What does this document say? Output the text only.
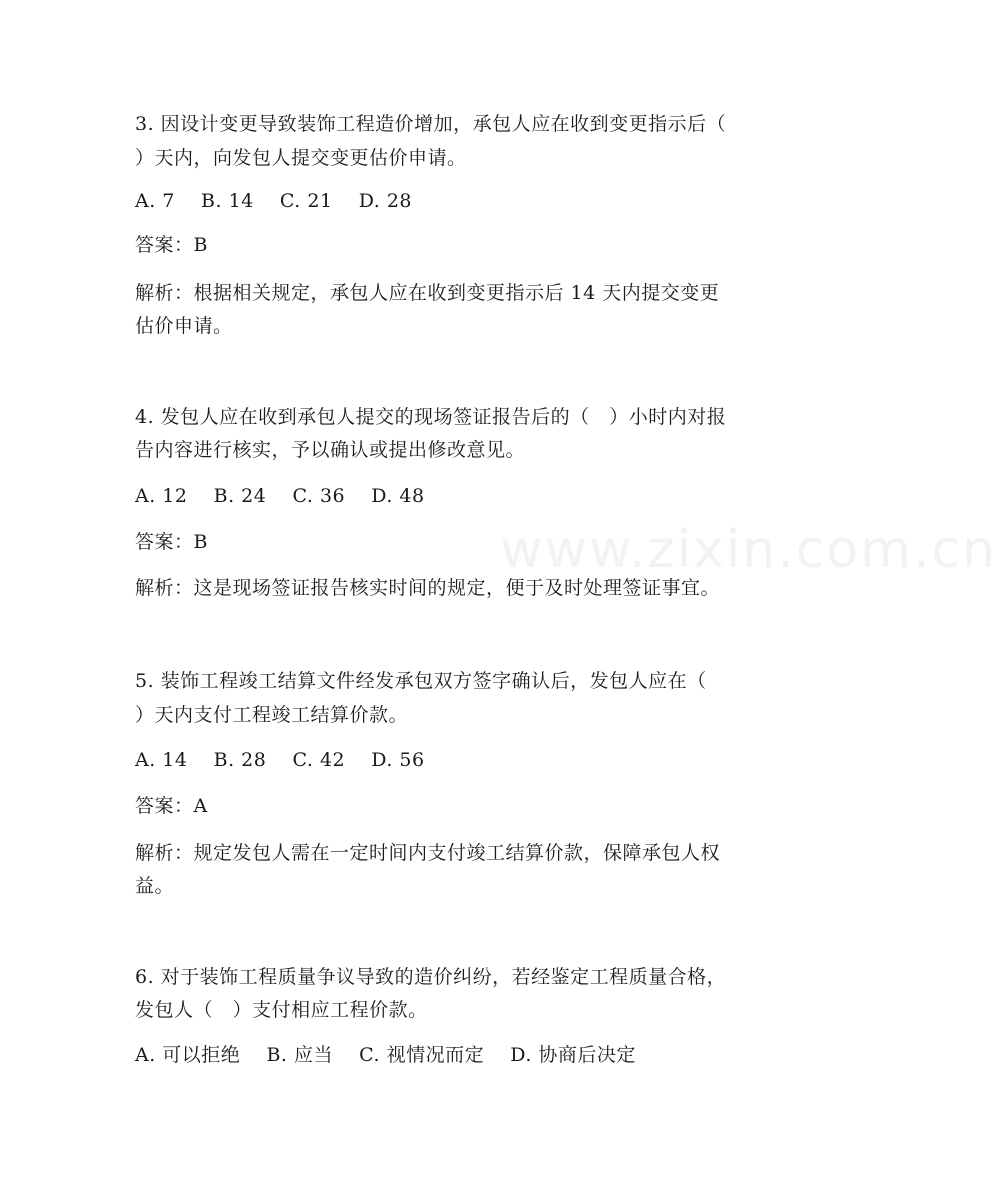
www.zixin.com.cn
3. 因设计变更导致装饰工程造价增加，承包人应在收到变更指示后（
）天内，向发包人提交变更估价申请。
A. 7    B. 14    C. 21    D. 28
答案：B
解析：根据相关规定，承包人应在收到变更指示后 14 天内提交变更
估价申请。
4. 发包人应在收到承包人提交的现场签证报告后的（   ）小时内对报
告内容进行核实，予以确认或提出修改意见。
A. 12    B. 24    C. 36    D. 48
答案：B
解析：这是现场签证报告核实时间的规定，便于及时处理签证事宜。
5. 装饰工程竣工结算文件经发承包双方签字确认后，发包人应在（
）天内支付工程竣工结算价款。
A. 14    B. 28    C. 42    D. 56
答案：A
解析：规定发包人需在一定时间内支付竣工结算价款，保障承包人权
益。
6. 对于装饰工程质量争议导致的造价纠纷，若经鉴定工程质量合格，
发包人（   ）支付相应工程价款。
A. 可以拒绝    B. 应当    C. 视情况而定    D. 协商后决定
